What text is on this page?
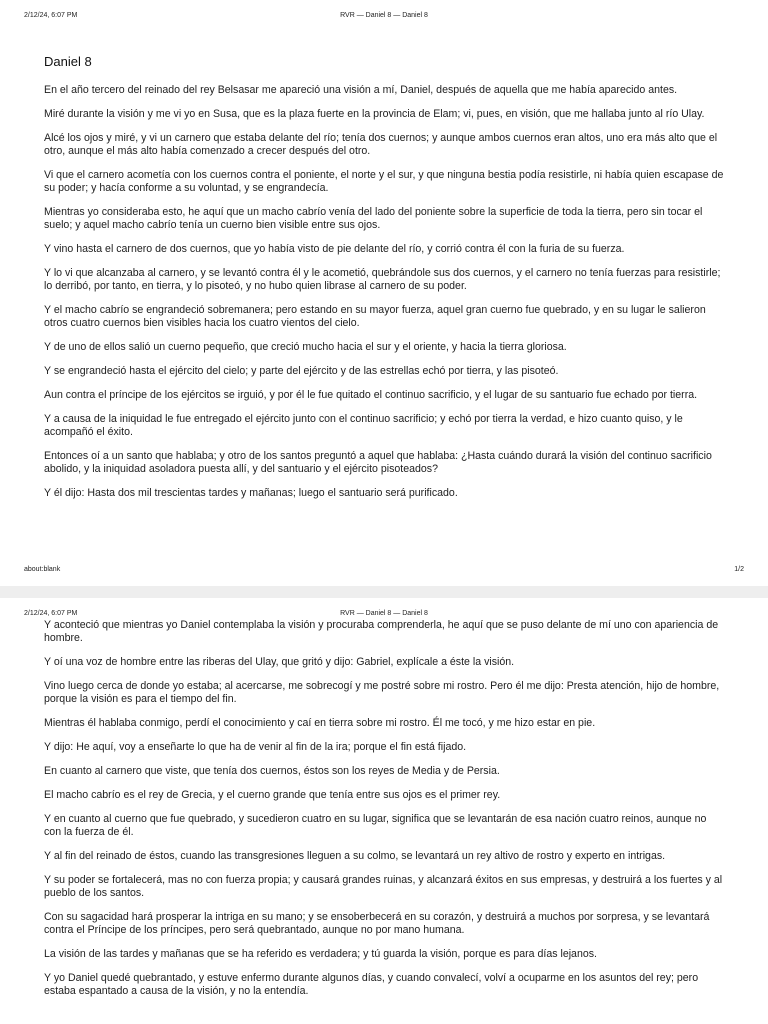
2/12/24, 6:07 PM	RVR — Daniel 8 — Daniel 8
Daniel 8

En el año tercero del reinado del rey Belsasar me apareció una visión a mí, Daniel, después de aquella que me había aparecido antes.

Miré durante la visión y me vi yo en Susa, que es la plaza fuerte en la provincia de Elam; vi, pues, en visión, que me hallaba junto al río Ulay.

Alcé los ojos y miré, y vi un carnero que estaba delante del río; tenía dos cuernos; y aunque ambos cuernos eran altos, uno era más alto que el otro, aunque el más alto había comenzado a crecer después del otro.

Vi que el carnero acometía con los cuernos contra el poniente, el norte y el sur, y que ninguna bestia podía resistirle, ni había quien escapase de su poder; y hacía conforme a su voluntad, y se engrandecía.

Mientras yo consideraba esto, he aquí que un macho cabrío venía del lado del poniente sobre la superficie de toda la tierra, pero sin tocar el suelo; y aquel macho cabrío tenía un cuerno bien visible entre sus ojos.

Y vino hasta el carnero de dos cuernos, que yo había visto de pie delante del río, y corrió contra él con la furia de su fuerza.

Y lo vi que alcanzaba al carnero, y se levantó contra él y le acometió, quebrándole sus dos cuernos, y el carnero no tenía fuerzas para resistirle; lo derribó, por tanto, en tierra, y lo pisoteó, y no hubo quien librase al carnero de su poder.

Y el macho cabrío se engrandeció sobremanera; pero estando en su mayor fuerza, aquel gran cuerno fue quebrado, y en su lugar le salieron otros cuatro cuernos bien visibles hacia los cuatro vientos del cielo.

Y de uno de ellos salió un cuerno pequeño, que creció mucho hacia el sur y el oriente, y hacia la tierra gloriosa.

Y se engrandeció hasta el ejército del cielo; y parte del ejército y de las estrellas echó por tierra, y las pisoteó.

Aun contra el príncipe de los ejércitos se irguió, y por él le fue quitado el continuo sacrificio, y el lugar de su santuario fue echado por tierra.

Y a causa de la iniquidad le fue entregado el ejército junto con el continuo sacrificio; y echó por tierra la verdad, e hizo cuanto quiso, y le acompañó el éxito.

Entonces oí a un santo que hablaba; y otro de los santos preguntó a aquel que hablaba: ¿Hasta cuándo durará la visión del continuo sacrificio abolido, y la iniquidad asoladora puesta allí, y del santuario y el ejército pisoteados?

Y él dijo: Hasta dos mil trescientas tardes y mañanas; luego el santuario será purificado.

about:blank	1/2
2/12/24, 6:07 PM	RVR — Daniel 8 — Daniel 8

Y aconteció que mientras yo Daniel contemplaba la visión y procuraba comprenderla, he aquí que se puso delante de mí uno con apariencia de hombre.

Y oí una voz de hombre entre las riberas del Ulay, que gritó y dijo: Gabriel, explícale a éste la visión.

Vino luego cerca de donde yo estaba; al acercarse, me sobrecogí y me postré sobre mi rostro. Pero él me dijo: Presta atención, hijo de hombre, porque la visión es para el tiempo del fin.

Mientras él hablaba conmigo, perdí el conocimiento y caí en tierra sobre mi rostro. Él me tocó, y me hizo estar en pie.

Y dijo: He aquí, voy a enseñarte lo que ha de venir al fin de la ira; porque el fin está fijado.

En cuanto al carnero que viste, que tenía dos cuernos, éstos son los reyes de Media y de Persia.

El macho cabrío es el rey de Grecia, y el cuerno grande que tenía entre sus ojos es el primer rey.

Y en cuanto al cuerno que fue quebrado, y sucedieron cuatro en su lugar, significa que se levantarán de esa nación cuatro reinos, aunque no con la fuerza de él.

Y al fin del reinado de éstos, cuando las transgresiones lleguen a su colmo, se levantará un rey altivo de rostro y experto en intrigas.

Y su poder se fortalecerá, mas no con fuerza propia; y causará grandes ruinas, y alcanzará éxitos en sus empresas, y destruirá a los fuertes y al pueblo de los santos.

Con su sagacidad hará prosperar la intriga en su mano; y se ensoberbecerá en su corazón, y destruirá a muchos por sorpresa, y se levantará contra el Príncipe de los príncipes, pero será quebrantado, aunque no por mano humana.

La visión de las tardes y mañanas que se ha referido es verdadera; y tú guarda la visión, porque es para días lejanos.

Y yo Daniel quedé quebrantado, y estuve enfermo durante algunos días, y cuando convalecí, volví a ocuparme en los asuntos del rey; pero estaba espantado a causa de la visión, y no la entendía.
